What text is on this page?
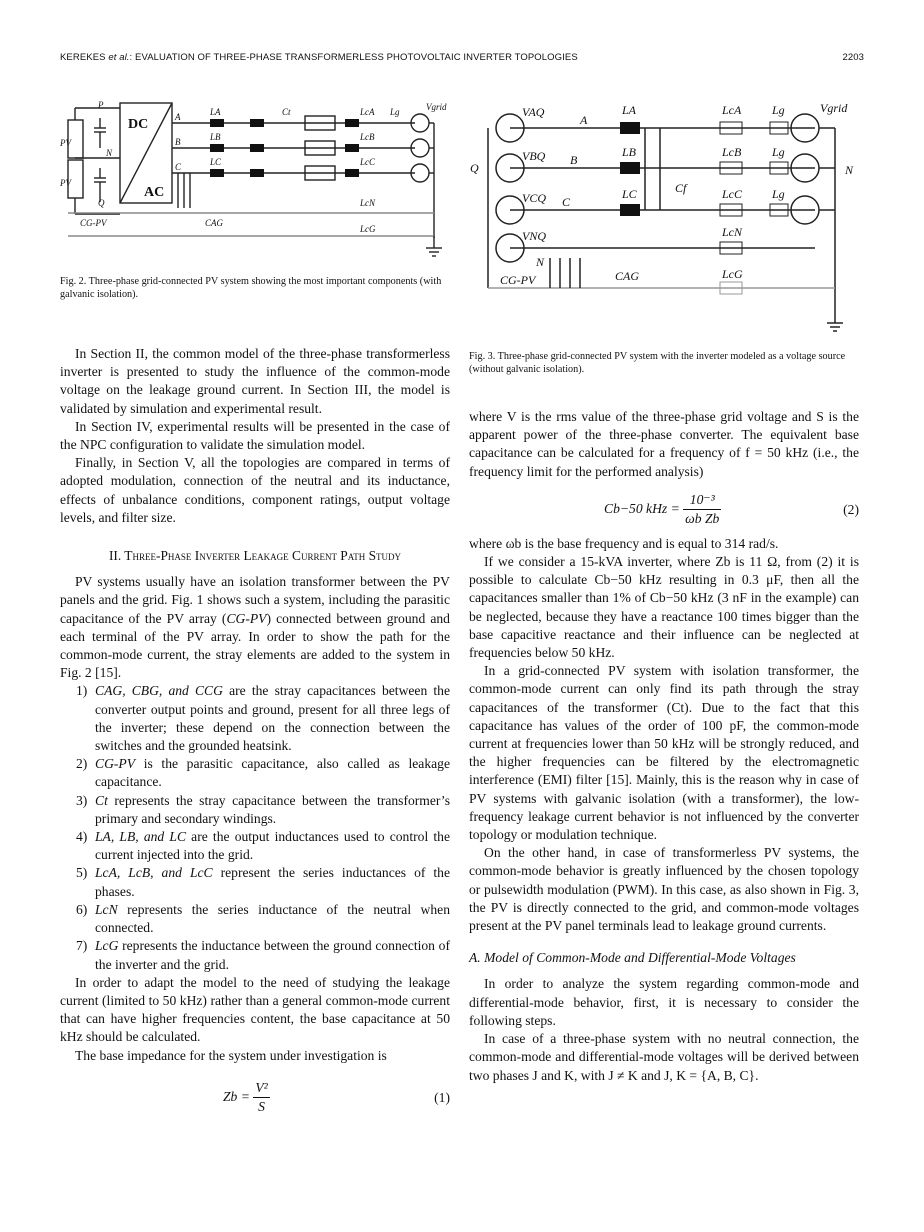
KEREKES et al.: EVALUATION OF THREE-PHASE TRANSFORMERLESS PHOTOVOLTAIC INVERTER TOPOLOGIES	2203
DC
AC
PV
PV
P
N
Q
A
B
C
LA
LB
LC
Ct	LcA
LcB
LcC
Lg	Vgrid
CG-PV	CAG
LcN
LcG
Fig. 2. Three-phase grid-connected PV system showing the most important components (with galvanic isolation).
VAQ
VBQ
VCQ
VNQ
Q
A
B
C
N
LA
LB
LC	Cf
LcA
LcB
LcC
Lg
Lg
Lg
LcN
LcG
Vgrid
N
CG-PV	CAG
Fig. 3. Three-phase grid-connected PV system with the inverter modeled as a voltage source (without galvanic isolation).

In Section II, the common model of the three-phase transformerless inverter is presented to study the influence of the common-mode voltage on the leakage ground current. In Section III, the model is validated by simulation and experimental result.

In Section IV, experimental results will be presented in the case of the NPC configuration to validate the simulation model.

Finally, in Section V, all the topologies are compared in terms of adopted modulation, connection of the neutral and its inductance, effects of unbalance conditions, component ratings, output voltage levels, and filter size.

II. Three-Phase Inverter Leakage Current Path Study

PV systems usually have an isolation transformer between the PV panels and the grid. Fig. 1 shows such a system, including the parasitic capacitance of the PV array (CG-PV) connected between ground and each terminal of the PV array. In order to show the path for the common-mode current, the stray elements are added to the system in Fig. 2 [15].

1) CAG, CBG, and CCG are the stray capacitances between the converter output points and ground, present for all three legs of the inverter; these depend on the connection between the switches and the grounded heatsink.
2) CG-PV is the parasitic capacitance, also called as leakage capacitance.
3) Ct represents the stray capacitance between the transformer’s primary and secondary windings.
4) LA, LB, and LC are the output inductances used to control the current injected into the grid.
5) LcA, LcB, and LcC represent the series inductances of the phases.
6) LcN represents the series inductance of the neutral when connected.
7) LcG represents the inductance between the ground connection of the inverter and the grid.

In order to adapt the model to the need of studying the leakage current (limited to 50 kHz) rather than a general common-mode current that can have higher frequencies content, the base capacitance at 50 kHz should be calculated.

The base impedance for the system under investigation is

$Zb = \frac{\text{V²}}{S}$	(1)

where V is the rms value of the three-phase grid voltage and S is the apparent power of the three-phase converter. The equivalent base capacitance can be calculated for a frequency of f = 50 kHz (i.e., the frequency limit for the performed analysis)

Cb−50 kHz = $\frac{\text{10⁻³}}{\text{ωb Zb}}$	(2)

where ωb is the base frequency and is equal to 314 rad/s.

If we consider a 15-kVA inverter, where Zb is 11 Ω, from (2) it is possible to calculate Cb−50 kHz resulting in 0.3 μF, then all the capacitances smaller than 1% of Cb−50 kHz (3 nF in the example) can be neglected, because they have a reactance 100 times bigger than the base capacitive reactance and their influence can be neglected at frequencies below 50 kHz.

In a grid-connected PV system with isolation transformer, the common-mode current can only find its path through the stray capacitances of the transformer (Ct). Due to the fact that this capacitance has values of the order of 100 pF, the common-mode current at frequencies lower than 50 kHz will be strongly reduced, and the higher frequencies can be filtered by the electromagnetic interference (EMI) filter [15]. Mainly, this is the reason why in case of PV systems with galvanic isolation (with a transformer), the low-frequency leakage current behavior is not influenced by the converter topology or modulation technique.

On the other hand, in case of transformerless PV systems, the common-mode behavior is greatly influenced by the chosen topology or pulsewidth modulation (PWM). In this case, as also shown in Fig. 3, the PV is directly connected to the grid, and common-mode voltages present at the PV panel terminals lead to leakage ground currents.

A. Model of Common-Mode and Differential-Mode Voltages

In order to analyze the system regarding common-mode and differential-mode behavior, first, it is necessary to consider the following steps.

In case of a three-phase system with no neutral connection, the common-mode and differential-mode voltages will be derived between two phases J and K, with J ≠ K and J, K = {A, B, C}.
